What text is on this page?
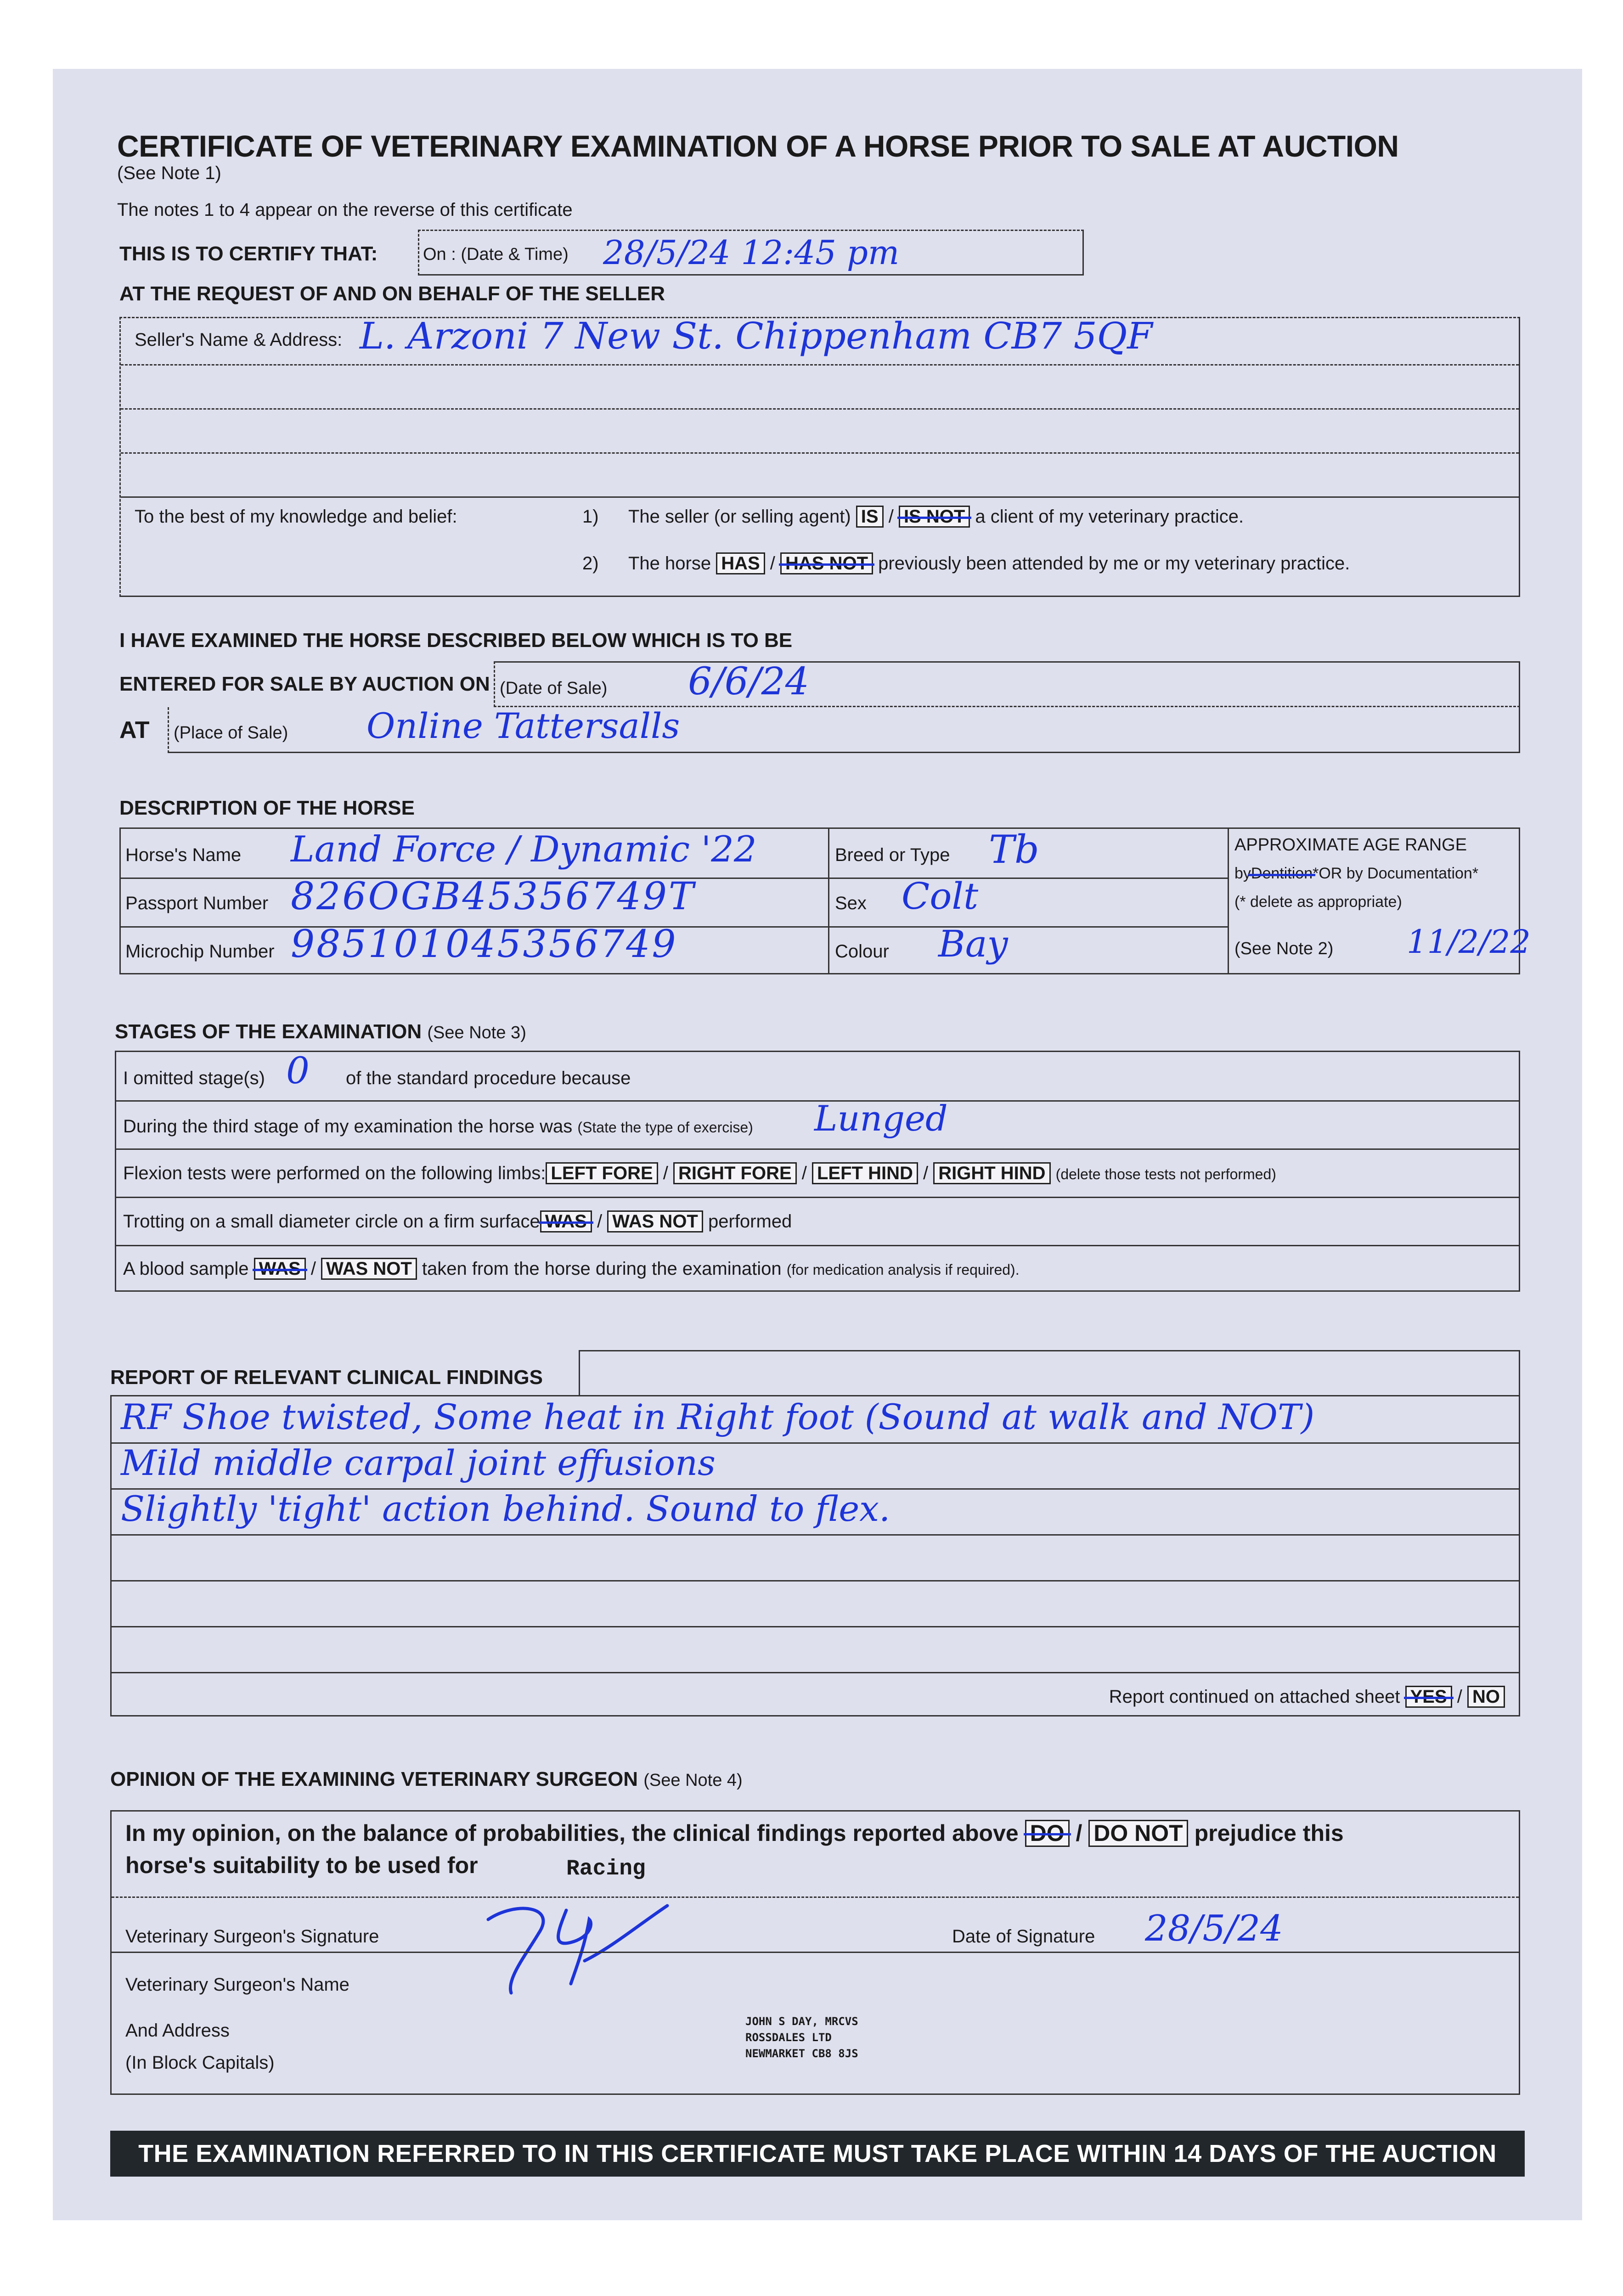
CERTIFICATE OF VETERINARY EXAMINATION OF A HORSE PRIOR TO SALE AT AUCTION
(See Note 1)
The notes 1 to 4 appear on the reverse of this certificate
THIS IS TO CERTIFY THAT:	On : (Date & Time) 28/5/24 12:45 pm
AT THE REQUEST OF AND ON BEHALF OF THE SELLER
Seller's Name & Address: L. Arzoni 7 New St. Chippenham CB7 5QF
To the best of my knowledge and belief:	1) The seller (or selling agent) IS / IS NOT a client of my veterinary practice.
2) The horse HAS / HAS NOT previously been attended by me or my veterinary practice.
I HAVE EXAMINED THE HORSE DESCRIBED BELOW WHICH IS TO BE
ENTERED FOR SALE BY AUCTION ON (Date of Sale) 6/6/24
AT (Place of Sale) Online Tattersalls
DESCRIPTION OF THE HORSE
Horse's Name Land Force / Dynamic '22
Passport Number 826OGB45356749T
Microchip Number 985101045356749
Breed or Type Tb
Sex Colt
Colour Bay
APPROXIMATE AGE RANGE
byDentition*OR by Documentation*
(* delete as appropriate)
(See Note 2) 11/2/22
STAGES OF THE EXAMINATION (See Note 3)
I omitted stage(s) 0 of the standard procedure because
During the third stage of my examination the horse was (State the type of exercise) Lunged
Flexion tests were performed on the following limbs: LEFT FORE / RIGHT FORE / LEFT HIND / RIGHT HIND (delete those tests not performed)
Trotting on a small diameter circle on a firm surface WAS / WAS NOT performed
A blood sample WAS / WAS NOT taken from the horse during the examination (for medication analysis if required).
REPORT OF RELEVANT CLINICAL FINDINGS
RF Shoe twisted, Some heat in Right foot (Sound at walk and NOT)
Mild middle carpal joint effusions
Slightly 'tight' action behind. Sound to flex.
Report continued on attached sheet YES / NO
OPINION OF THE EXAMINING VETERINARY SURGEON (See Note 4)
In my opinion, on the balance of probabilities, the clinical findings reported above DO / DO NOT prejudice this
horse's suitability to be used for	Racing
Veterinary Surgeon's Signature	Date of Signature 28/5/24
Veterinary Surgeon's Name
And Address
(In Block Capitals)
JOHN S DAY, MRCVS
ROSSDALES LTD
NEWMARKET CB8 8JS
THE EXAMINATION REFERRED TO IN THIS CERTIFICATE MUST TAKE PLACE WITHIN 14 DAYS OF THE AUCTION
